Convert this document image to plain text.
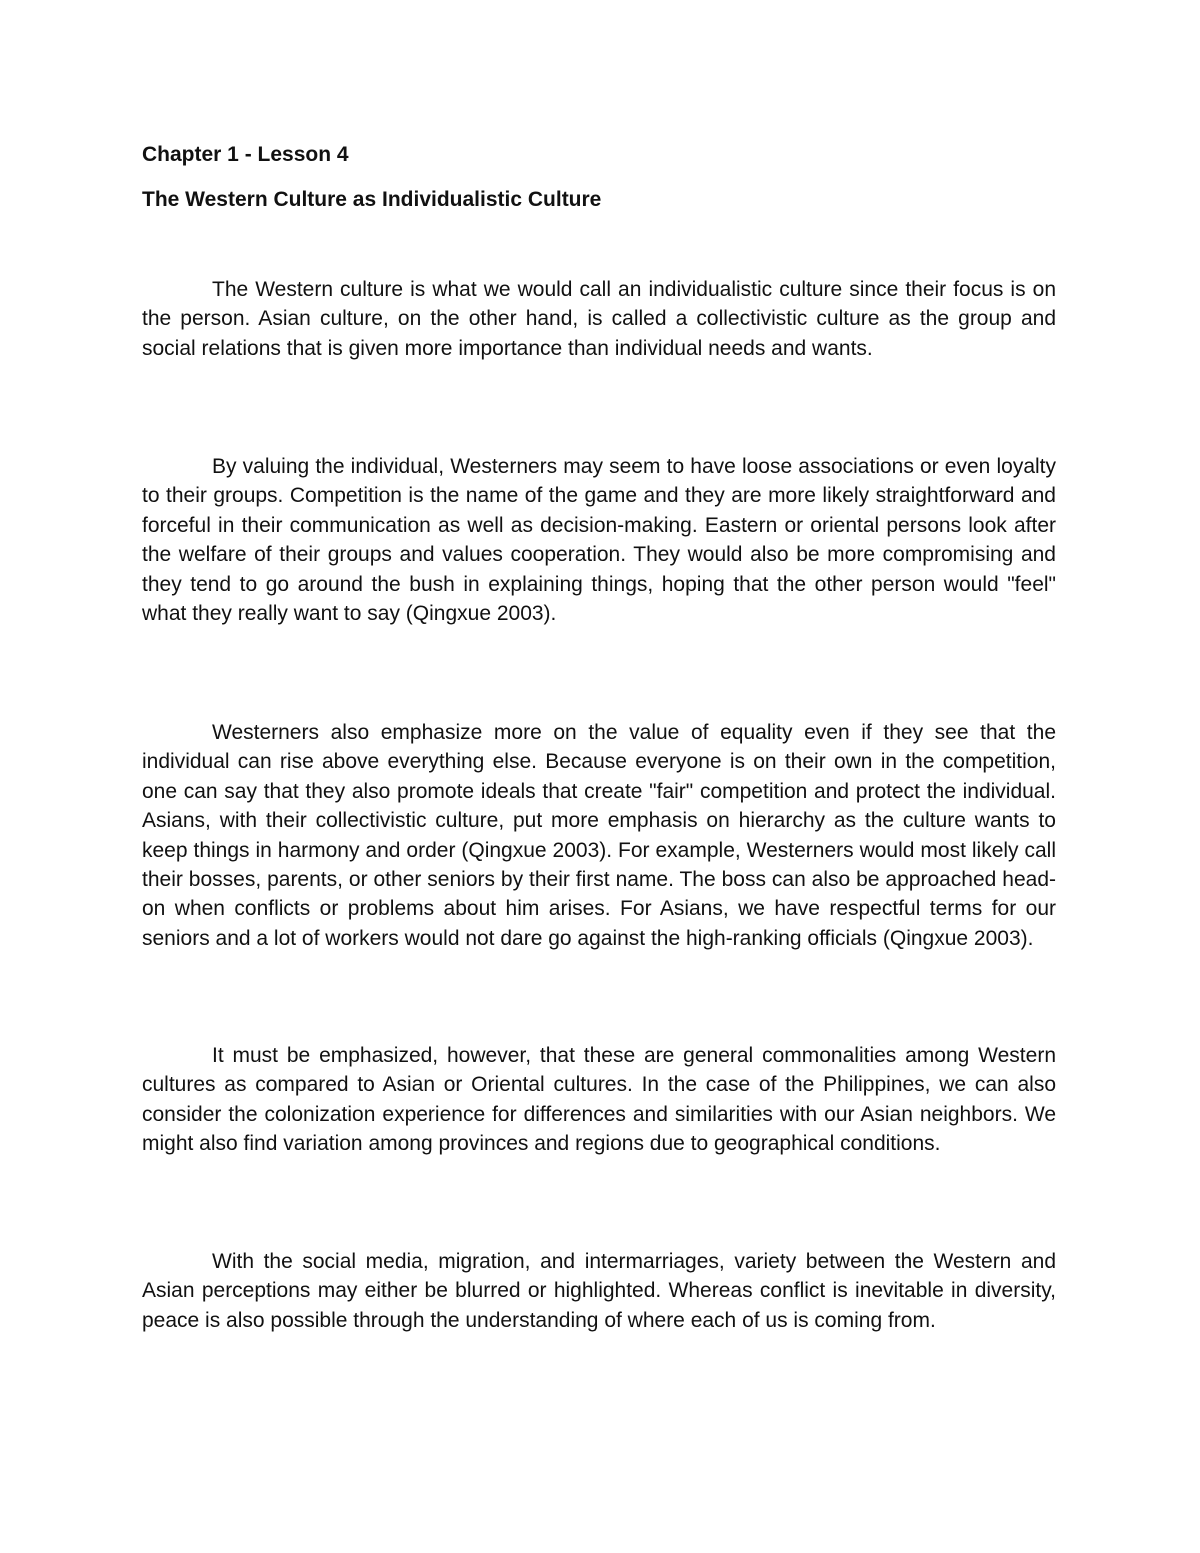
Chapter 1 - Lesson 4
The Western Culture as Individualistic Culture

The Western culture is what we would call an individualistic culture since their focus is on the person. Asian culture, on the other hand, is called a collectivistic culture as the group and social relations that is given more importance than individual needs and wants.

By valuing the individual, Westerners may seem to have loose associations or even loyalty to their groups. Competition is the name of the game and they are more likely straightforward and forceful in their communication as well as decision-making. Eastern or oriental persons look after the welfare of their groups and values cooperation. They would also be more compromising and they tend to go around the bush in explaining things, hoping that the other person would "feel" what they really want to say (Qingxue 2003).

Westerners also emphasize more on the value of equality even if they see that the individual can rise above everything else. Because everyone is on their own in the competition, one can say that they also promote ideals that create "fair" competition and protect the individual. Asians, with their collectivistic culture, put more emphasis on hierarchy as the culture wants to keep things in harmony and order (Qingxue 2003). For example, Westerners would most likely call their bosses, parents, or other seniors by their first name. The boss can also be approached head-on when conflicts or problems about him arises. For Asians, we have respectful terms for our seniors and a lot of workers would not dare go against the high-ranking officials (Qingxue 2003).

It must be emphasized, however, that these are general commonalities among Western cultures as compared to Asian or Oriental cultures. In the case of the Philippines, we can also consider the colonization experience for differences and similarities with our Asian neighbors. We might also find variation among provinces and regions due to geographical conditions.

With the social media, migration, and intermarriages, variety between the Western and Asian perceptions may either be blurred or highlighted. Whereas conflict is inevitable in diversity, peace is also possible through the understanding of where each of us is coming from.
